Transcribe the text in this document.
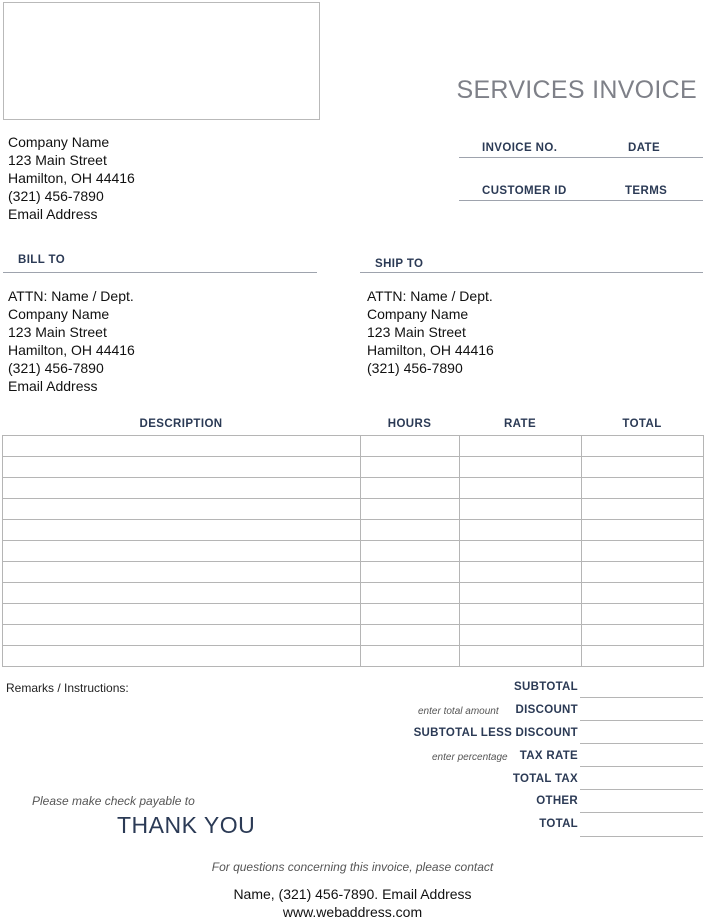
SERVICES INVOICE
Company Name
123 Main Street
Hamilton, OH 44416
(321) 456-7890
Email Address
INVOICE NO.	DATE
CUSTOMER ID	TERMS
BILL TO	SHIP TO
ATTN: Name / Dept.
Company Name
123 Main Street
Hamilton, OH 44416
(321) 456-7890
Email Address
ATTN: Name / Dept.
Company Name
123 Main Street
Hamilton, OH 44416
(321) 456-7890
DESCRIPTION	HOURS	RATE	TOTAL

Remarks / Instructions:	SUBTOTAL
enter total amount DISCOUNT
SUBTOTAL LESS DISCOUNT
enter percentage TAX RATE
TOTAL TAX
OTHER
TOTAL
Please make check payable to
THANK YOU
For questions concerning this invoice, please contact
Name, (321) 456-7890. Email Address
www.webaddress.com
